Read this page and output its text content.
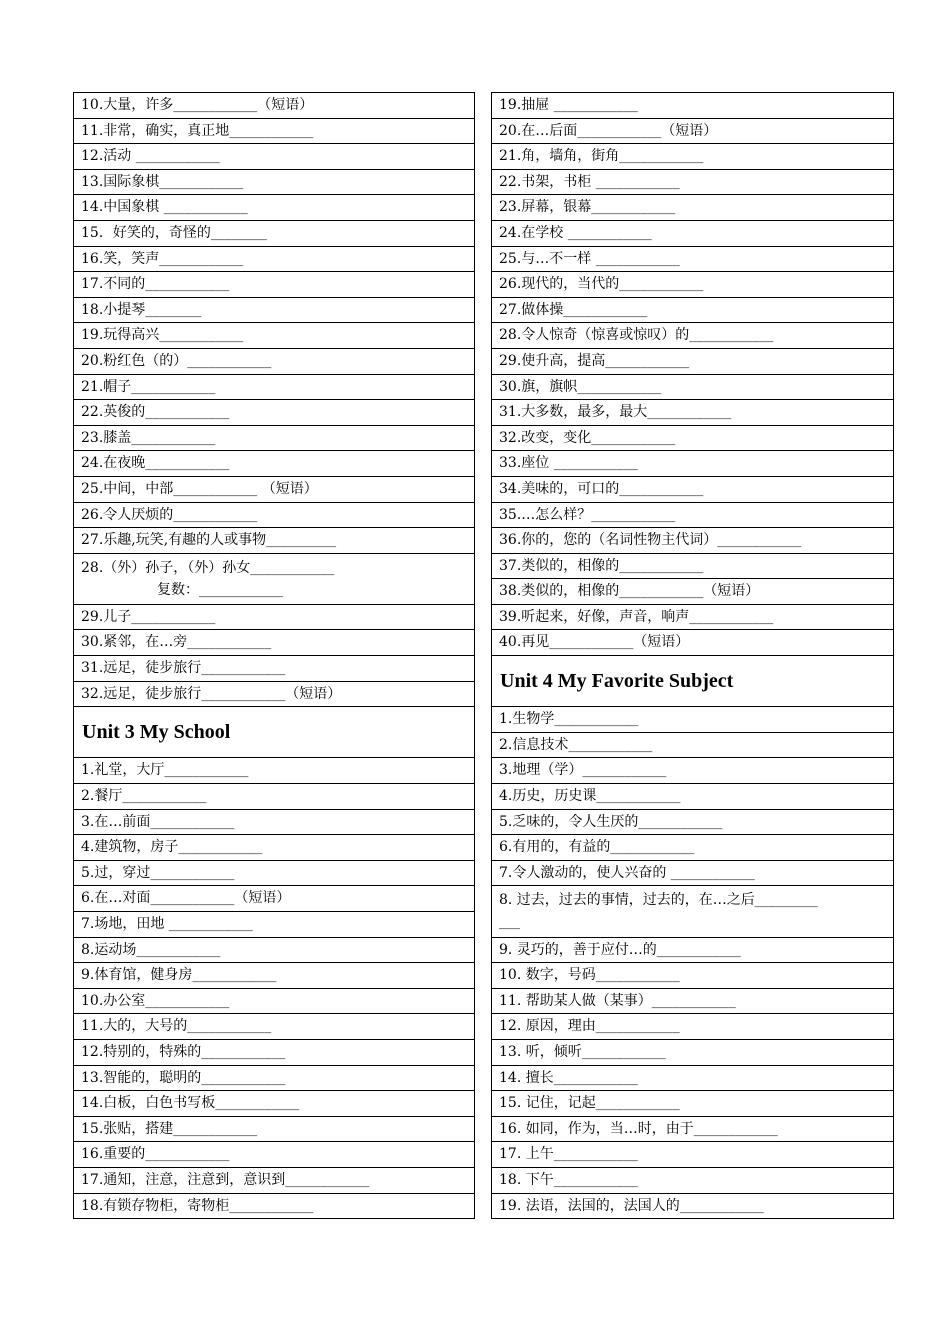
10.大量，许多____________（短语）
11.非常，确实，真正地____________
12.活动 ____________
13.国际象棋____________
14.中国象棋 ____________
15．好笑的，奇怪的________
16.笑，笑声____________
17.不同的____________
18.小提琴________
19.玩得高兴____________
20.粉红色（的）____________
21.帽子____________
22.英俊的____________
23.膝盖____________
24.在夜晚____________
25.中间，中部____________ （短语）
26.令人厌烦的____________
27.乐趣,玩笑,有趣的人或事物__________
28.（外）孙子，（外）孙女____________
复数：____________
29.儿子____________
30.紧邻，在…旁____________
31.远足，徒步旅行____________
32.远足，徒步旅行____________（短语）
Unit 3 My School
1.礼堂，大厅____________
2.餐厅____________
3.在…前面____________
4.建筑物，房子____________
5.过，穿过____________
6.在…对面____________（短语）
7.场地，田地 ____________
8.运动场____________
9.体育馆，健身房____________
10.办公室____________
11.大的，大号的____________
12.特别的，特殊的____________
13.智能的，聪明的____________
14.白板，白色书写板____________
15.张贴，搭建____________
16.重要的____________
17.通知，注意，注意到，意识到____________
18.有锁存物柜，寄物柜____________
19.抽屉 ____________
20.在…后面____________（短语）
21.角，墙角，街角____________
22.书架，书柜 ____________
23.屏幕，银幕____________
24.在学校 ____________
25.与…不一样 ____________
26.现代的，当代的____________
27.做体操____________
28.令人惊奇（惊喜或惊叹）的____________
29.使升高，提高____________
30.旗，旗帜____________
31.大多数，最多，最大____________
32.改变，变化____________
33.座位 ____________
34.美味的，可口的____________
35.…怎么样？____________
36.你的，您的（名词性物主代词）____________
37.类似的，相像的____________
38.类似的，相像的____________（短语）
39.听起来，好像，声音，响声____________
40.再见____________（短语）
Unit 4 My Favorite Subject
1.生物学____________
2.信息技术____________
3.地理（学）____________
4.历史，历史课____________
5.乏味的，令人生厌的____________
6.有用的，有益的____________
7.令人激动的，使人兴奋的 ____________
8. 过去，过去的事情，过去的，在…之后_________
___
9. 灵巧的，善于应付…的____________
10. 数字，号码____________
11. 帮助某人做（某事）____________
12. 原因，理由____________
13. 听，倾听____________
14. 擅长____________
15. 记住，记起____________
16. 如同，作为，当…时，由于____________
17. 上午____________
18. 下午____________
19. 法语，法国的，法国人的____________
